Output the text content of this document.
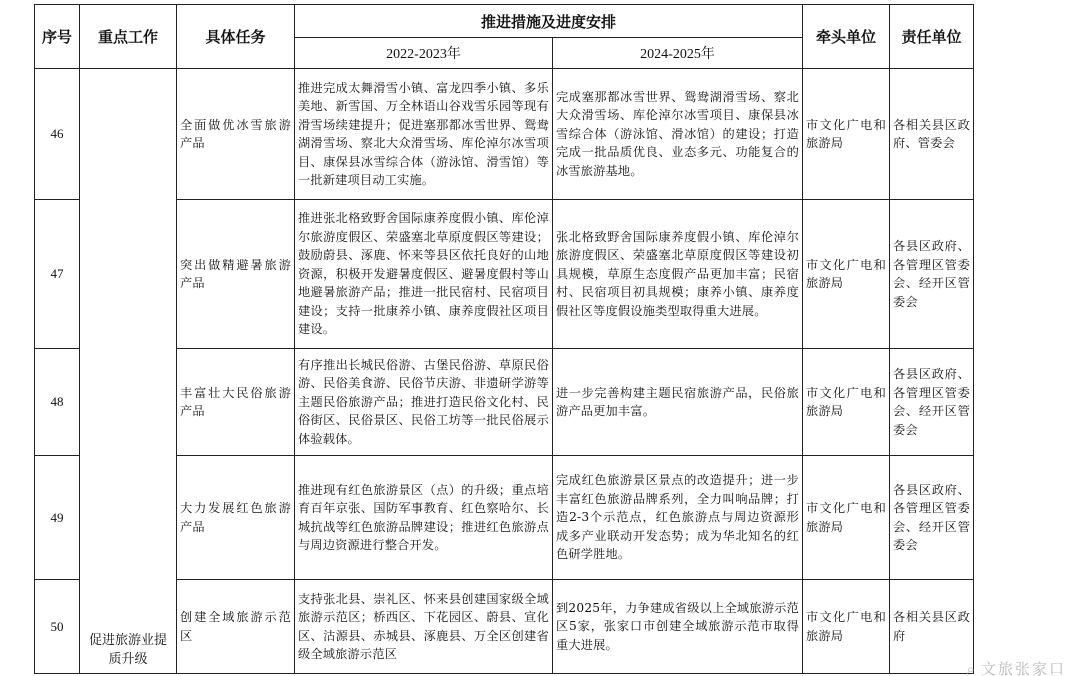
序号	重点工作	具体任务	推进措施及进度安排		牵头单位	责任单位
			2022-2023年	2024-2025年		
46	促进旅游业提质升级	全面做优冰雪旅游产品	推进完成太舞滑雪小镇、富龙四季小镇、多乐美地、新雪国、万全林语山谷戏雪乐园等现有滑雪场续建提升；促进塞那都冰雪世界、鸳鸯湖滑雪场、察北大众滑雪场、库伦淖尔冰雪项目、康保县冰雪综合体（游泳馆、滑雪馆）等一批新建项目动工实施。	完成塞那都冰雪世界、鸳鸯湖滑雪场、察北大众滑雪场、库伦淖尔冰雪项目、康保县冰雪综合体（游泳馆、滑冰馆）的建设；打造完成一批品质优良、业态多元、功能复合的冰雪旅游基地。	市文化广电和旅游局	各相关县区政府、管委会
47		突出做精避暑旅游产品	推进张北格致野舍国际康养度假小镇、库伦淖尔旅游度假区、荣盛塞北草原度假区等建设；鼓励蔚县、涿鹿、怀来等县区依托良好的山地资源，积极开发避暑度假区、避暑度假村等山地避暑旅游产品；推进一批民宿村、民宿项目建设；支持一批康养小镇、康养度假社区项目建设。	张北格致野舍国际康养度假小镇、库伦淖尔旅游度假区、荣盛塞北草原度假区等建设初具规模，草原生态度假产品更加丰富；民宿村、民宿项目初具规模；康养小镇、康养度假社区等度假设施类型取得重大进展。	市文化广电和旅游局	各县区政府、各管理区管委会、经开区管委会
48		丰富壮大民俗旅游产品	有序推出长城民俗游、古堡民俗游、草原民俗游、民俗美食游、民俗节庆游、非遗研学游等主题民俗旅游产品；推进打造民俗文化村、民俗街区、民俗景区、民俗工坊等一批民俗展示体验载体。	进一步完善构建主题民宿旅游产品，民俗旅游产品更加丰富。	市文化广电和旅游局	各县区政府、各管理区管委会、经开区管委会
49		大力发展红色旅游产品	推进现有红色旅游景区（点）的升级；重点培育百年京张、国防军事教育、红色察哈尔、长城抗战等红色旅游品牌建设；推进红色旅游点与周边资源进行整合开发。	完成红色旅游景区景点的改造提升；进一步丰富红色旅游品牌系列，全力叫响品牌；打造2-3个示范点，红色旅游点与周边资源形成多产业联动开发态势；成为华北知名的红色研学胜地。	市文化广电和旅游局	各县区政府、各管理区管委会、经开区管委会
50		创建全域旅游示范区	支持张北县、崇礼区、怀来县创建国家级全域旅游示范区；桥西区、下花园区、蔚县、宣化区、沽源县、赤城县、涿鹿县、万全区创建省级全域旅游示范区	到2025年，力争建成省级以上全域旅游示范区5家，张家口市创建全域旅游示范市取得重大进展。	市文化广电和旅游局	各相关县区政府
⌕ 文旅张家口
